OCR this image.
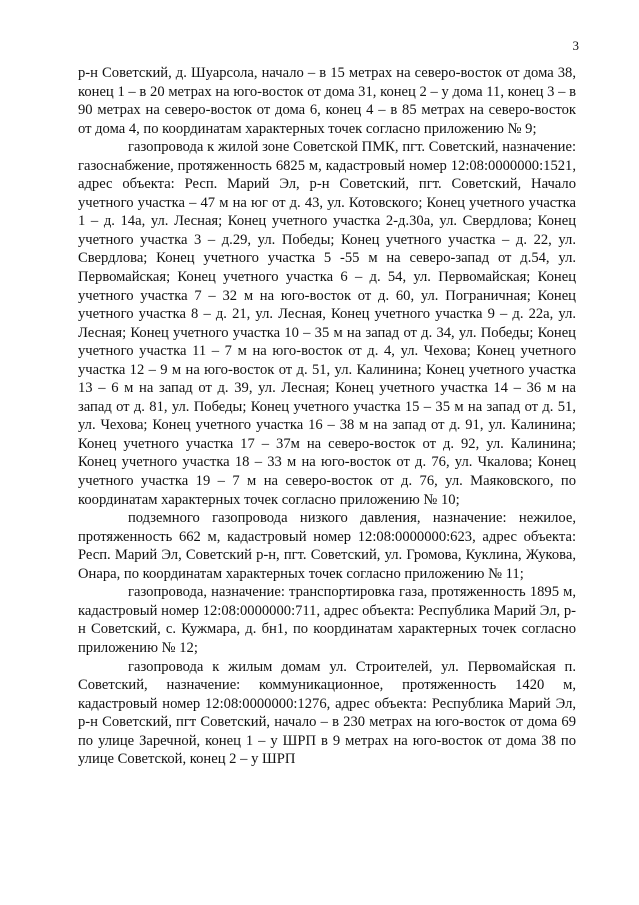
3

р-н Советский, д. Шуарсола, начало – в 15 метрах на северо-восток от дома 38, конец 1 – в 20 метрах на юго-восток от дома 31, конец 2 – у дома 11, конец 3 – в 90 метрах на северо-восток от дома 6, конец 4 – в 85 метрах на северо-восток от дома 4, по координатам характерных точек согласно приложению № 9;

газопровода к жилой зоне Советской ПМК, пгт. Советский, назначение: газоснабжение, протяженность 6825 м, кадастровый номер 12:08:0000000:1521, адрес объекта: Респ. Марий Эл, р-н Советский, пгт. Советский, Начало учетного участка – 47 м на юг от д. 43, ул. Котовского; Конец учетного участка 1 – д. 14а, ул. Лесная; Конец учетного участка 2-д.30а, ул. Свердлова; Конец учетного участка 3 – д.29, ул. Победы; Конец учетного участка – д. 22, ул. Свердлова; Конец учетного участка 5 -55 м на северо-запад от д.54, ул. Первомайская; Конец учетного участка 6 – д. 54, ул. Первомайская; Конец учетного участка 7 – 32 м на юго-восток от д. 60, ул. Пограничная; Конец учетного участка 8 – д. 21, ул. Лесная, Конец учетного участка 9 – д. 22а, ул. Лесная; Конец учетного участка 10 – 35 м на запад от д. 34, ул. Победы; Конец учетного участка 11 – 7 м на юго-восток от д. 4, ул. Чехова; Конец учетного участка 12 – 9 м на юго-восток от д. 51, ул. Калинина; Конец учетного участка 13 – 6 м на запад от д. 39, ул. Лесная; Конец учетного участка 14 – 36 м на запад от д. 81, ул. Победы; Конец учетного участка 15 – 35 м на запад от д. 51, ул. Чехова; Конец учетного участка 16 – 38 м на запад от д. 91, ул. Калинина; Конец учетного участка 17 – 37м на северо-восток от д. 92, ул. Калинина; Конец учетного участка 18 – 33 м на юго-восток от д. 76, ул. Чкалова; Конец учетного участка 19 – 7 м на северо-восток от д. 76, ул. Маяковского, по координатам характерных точек согласно приложению № 10;

подземного газопровода низкого давления, назначение: нежилое, протяженность 662 м, кадастровый номер 12:08:0000000:623, адрес объекта: Респ. Марий Эл, Советский р-н, пгт. Советский, ул. Громова, Куклина, Жукова, Онара, по координатам характерных точек согласно приложению № 11;

газопровода, назначение: транспортировка газа, протяженность 1895 м, кадастровый номер 12:08:0000000:711, адрес объекта: Республика Марий Эл, р-н Советский, с. Кужмара, д. бн1, по координатам характерных точек согласно приложению № 12;

газопровода к жилым домам ул. Строителей, ул. Первомайская п. Советский, назначение: коммуникационное, протяженность 1420 м, кадастровый номер 12:08:0000000:1276, адрес объекта: Республика Марий Эл, р-н Советский, пгт Советский, начало – в 230 метрах на юго-восток от дома 69 по улице Заречной, конец 1 – у ШРП в 9 метрах на юго-восток от дома 38 по улице Советской, конец 2 – у ШРП
